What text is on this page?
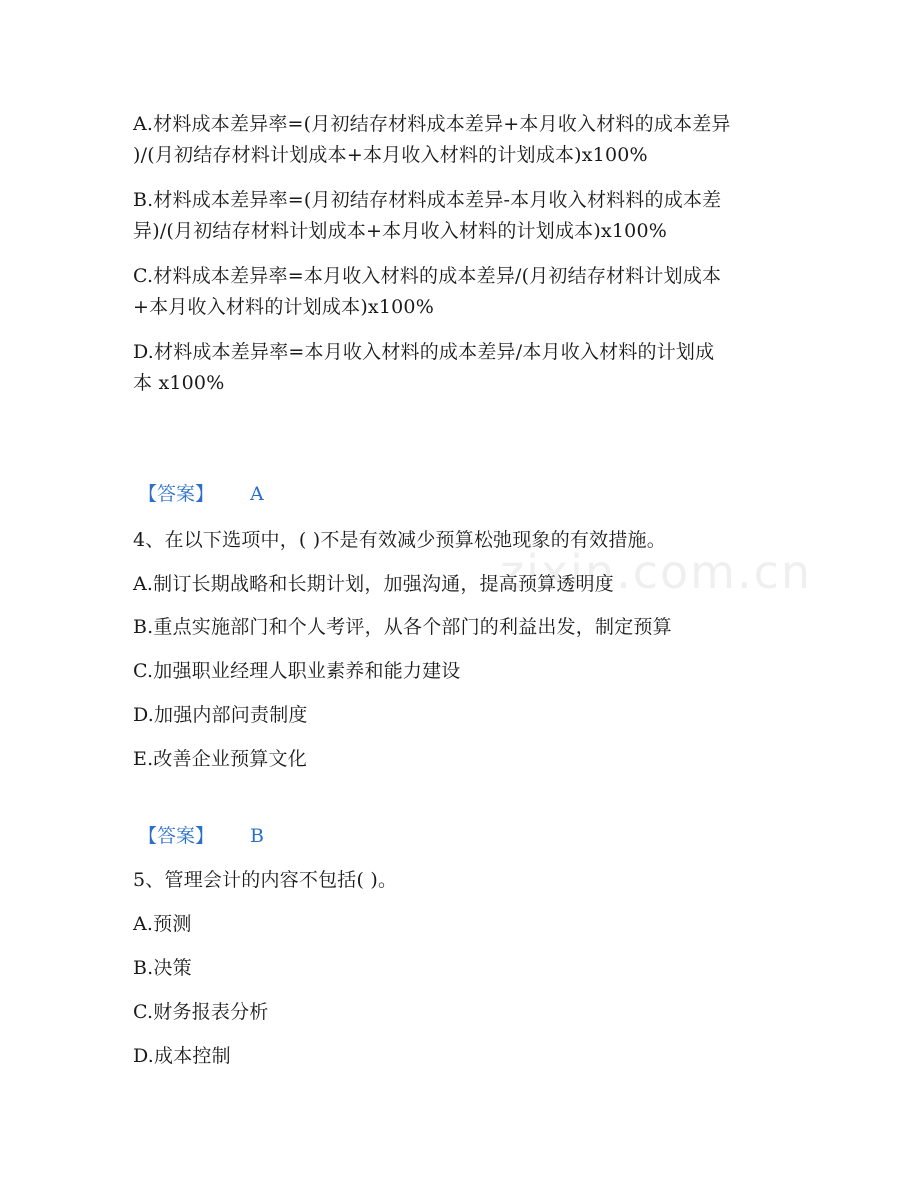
zixin.com.cn
A.材料成本差异率=(月初结存材料成本差异+本月收入材料的成本差异
)/(月初结存材料计划成本+本月收入材料的计划成本)x100%
B.材料成本差异率=(月初结存材料成本差异-本月收入材料料的成本差
异)/(月初结存材料计划成本+本月收入材料的计划成本)x100%
C.材料成本差异率=本月收入材料的成本差异/(月初结存材料计划成本
+本月收入材料的计划成本)x100%
D.材料成本差异率=本月收入材料的成本差异/本月收入材料的计划成
本 x100%
【答案】 A
4、在以下选项中，( )不是有效减少预算松弛现象的有效措施。
A.制订长期战略和长期计划，加强沟通，提高预算透明度
B.重点实施部门和个人考评，从各个部门的利益出发，制定预算
C.加强职业经理人职业素养和能力建设
D.加强内部问责制度
E.改善企业预算文化
【答案】 B
5、管理会计的内容不包括( )。
A.预测
B.决策
C.财务报表分析
D.成本控制
